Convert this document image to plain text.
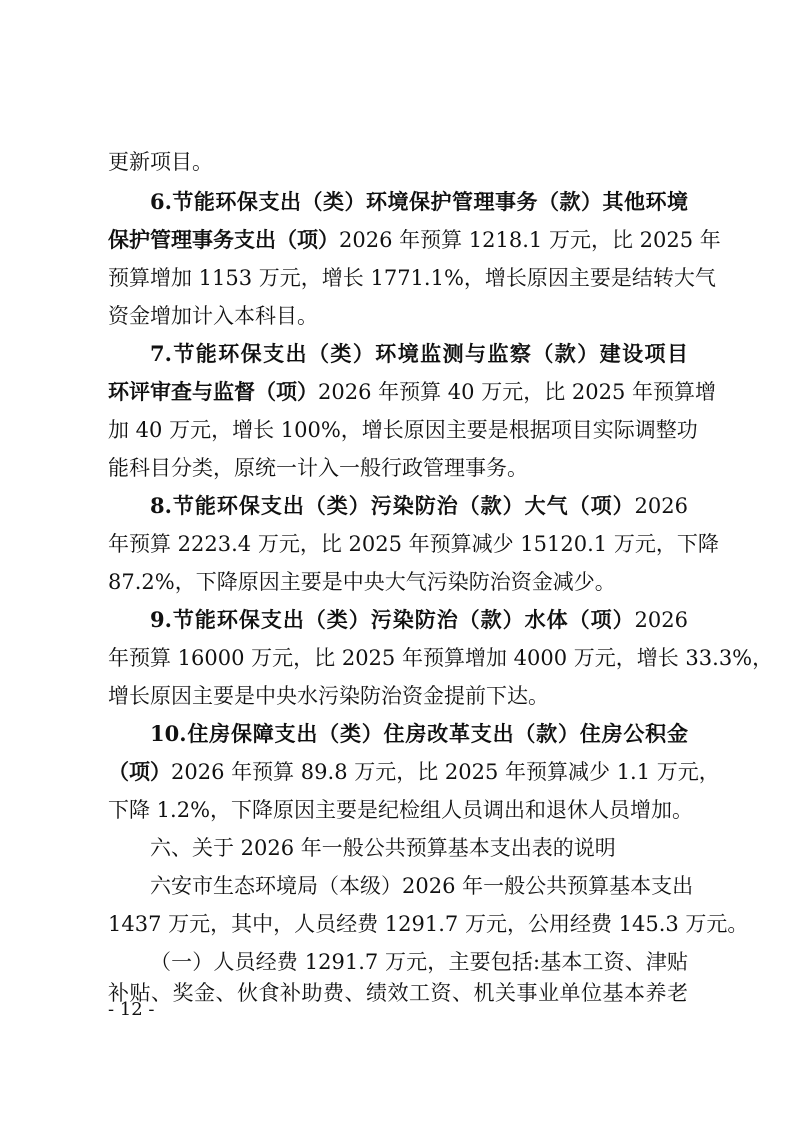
更新项目。
6.节能环保支出（类）环境保护管理事务（款）其他环境
保护管理事务支出（项）2026 年预算 1218.1 万元，比 2025 年
预算增加 1153 万元，增长 1771.1%，增长原因主要是结转大气
资金增加计入本科目。
7.节能环保支出（类）环境监测与监察（款）建设项目
环评审查与监督（项）2026 年预算 40 万元，比 2025 年预算增
加 40 万元，增长 100%，增长原因主要是根据项目实际调整功
能科目分类，原统一计入一般行政管理事务。
8.节能环保支出（类）污染防治（款）大气（项）2026
年预算 2223.4 万元，比 2025 年预算减少 15120.1 万元，下降
87.2%，下降原因主要是中央大气污染防治资金减少。
9.节能环保支出（类）污染防治（款）水体（项）2026
年预算 16000 万元，比 2025 年预算增加 4000 万元，增长 33.3%，
增长原因主要是中央水污染防治资金提前下达。
10.住房保障支出（类）住房改革支出（款）住房公积金
（项）2026 年预算 89.8 万元，比 2025 年预算减少 1.1 万元，
下降 1.2%，下降原因主要是纪检组人员调出和退休人员增加。
六、关于 2026 年一般公共预算基本支出表的说明
六安市生态环境局（本级）2026 年一般公共预算基本支出
1437 万元，其中，人员经费 1291.7 万元，公用经费 145.3 万元。
（一）人员经费 1291.7 万元，主要包括:基本工资、津贴
补贴、奖金、伙食补助费、绩效工资、机关事业单位基本养老
- 12 -
